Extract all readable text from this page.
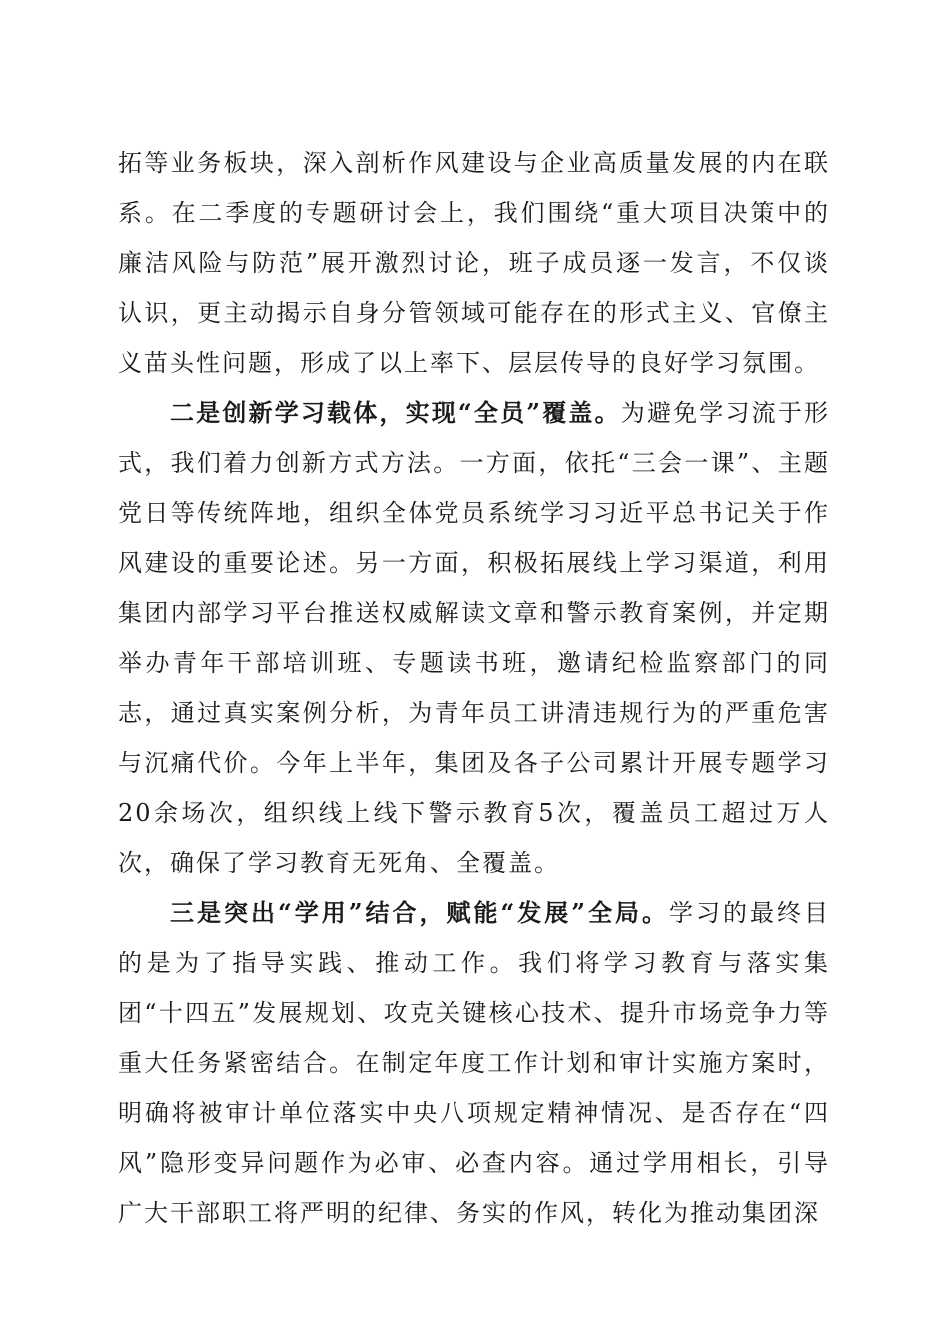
拓等业务板块，深入剖析作风建设与企业高质量发展的内在联系。在二季度的专题研讨会上，我们围绕“重大项目决策中的廉洁风险与防范”展开激烈讨论，班子成员逐一发言，不仅谈认识，更主动揭示自身分管领域可能存在的形式主义、官僚主义苗头性问题，形成了以上率下、层层传导的良好学习氛围。

二是创新学习载体，实现“全员”覆盖。为避免学习流于形式，我们着力创新方式方法。一方面，依托“三会一课”、主题党日等传统阵地，组织全体党员系统学习习近平总书记关于作风建设的重要论述。另一方面，积极拓展线上学习渠道，利用集团内部学习平台推送权威解读文章和警示教育案例，并定期举办青年干部培训班、专题读书班，邀请纪检监察部门的同志，通过真实案例分析，为青年员工讲清违规行为的严重危害与沉痛代价。今年上半年，集团及各子公司累计开展专题学习20余场次，组织线上线下警示教育5次，覆盖员工超过万人次，确保了学习教育无死角、全覆盖。

三是突出“学用”结合，赋能“发展”全局。学习的最终目的是为了指导实践、推动工作。我们将学习教育与落实集团“十四五”发展规划、攻克关键核心技术、提升市场竞争力等重大任务紧密结合。在制定年度工作计划和审计实施方案时，明确将被审计单位落实中央八项规定精神情况、是否存在“四风”隐形变异问题作为必审、必查内容。通过学用相长，引导广大干部职工将严明的纪律、务实的作风，转化为推动集团深
